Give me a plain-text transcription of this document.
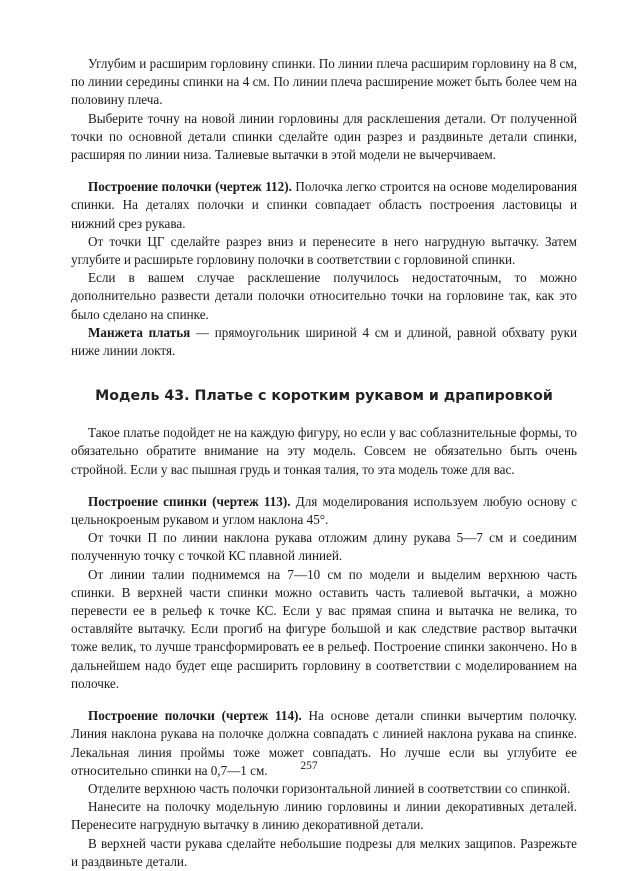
Углубим и расширим горловину спинки. По линии плеча расширим горловину на 8 см, по линии середины спинки на 4 см. По линии плеча расширение может быть более чем на половину плеча.

Выберите точну на новой линии горловины для расклешения детали. От полученной точки по основной детали спинки сделайте один разрез и раздвиньте детали спинки, расширяя по линии низа. Талиевые вытачки в этой модели не вычерчиваем.

Построение полочки (чертеж 112). Полочка легко строится на основе моделирования спинки. На деталях полочки и спинки совпадает область построения ластовицы и нижний срез рукава.

От точки ЦГ сделайте разрез вниз и перенесите в него нагрудную вытачку. Затем углубите и расширьте горловину полочки в соответствии с горловиной спинки.

Если в вашем случае расклешение получилось недостаточным, то можно дополнительно развести детали полочки относительно точки на горловине так, как это было сделано на спинке.

Манжета платья — прямоугольник шириной 4 см и длиной, равной обхвату руки ниже линии локтя.

Модель 43. Платье с коротким рукавом и драпировкой

Такое платье подойдет не на каждую фигуру, но если у вас соблазнительные формы, то обязательно обратите внимание на эту модель. Совсем не обязательно быть очень стройной. Если у вас пышная грудь и тонкая талия, то эта модель тоже для вас.

Построение спинки (чертеж 113). Для моделирования используем любую основу с цельнокроеным рукавом и углом наклона 45°.

От точки П по линии наклона рукава отложим длину рукава 5—7 см и соединим полученную точку с точкой КС плавной линией.

От линии талии поднимемся на 7—10 см по модели и выделим верхнюю часть спинки. В верхней части спинки можно оставить часть талиевой вытачки, а можно перевести ее в рельеф к точке КС. Если у вас прямая спина и вытачка не велика, то оставляйте вытачку. Если прогиб на фигуре большой и как следствие раствор вытачки тоже велик, то лучше трансформировать ее в рельеф. Построение спинки закончено. Но в дальнейшем надо будет еще расширить горловину в соответствии с моделированием на полочке.

Построение полочки (чертеж 114). На основе детали спинки вычертим полочку. Линия наклона рукава на полочке должна совпадать с линией наклона рукава на спинке. Лекальная линия проймы тоже может совпадать. Но лучше если вы углубите ее относительно спинки на 0,7—1 см.

Отделите верхнюю часть полочки горизонтальной линией в соответствии со спинкой.

Нанесите на полочку модельную линию горловины и линии декоративных деталей. Перенесите нагрудную вытачку в линию декоративной детали.

В верхней части рукава сделайте небольшие подрезы для мелких защипов. Разрежьте и раздвиньте детали.

257
